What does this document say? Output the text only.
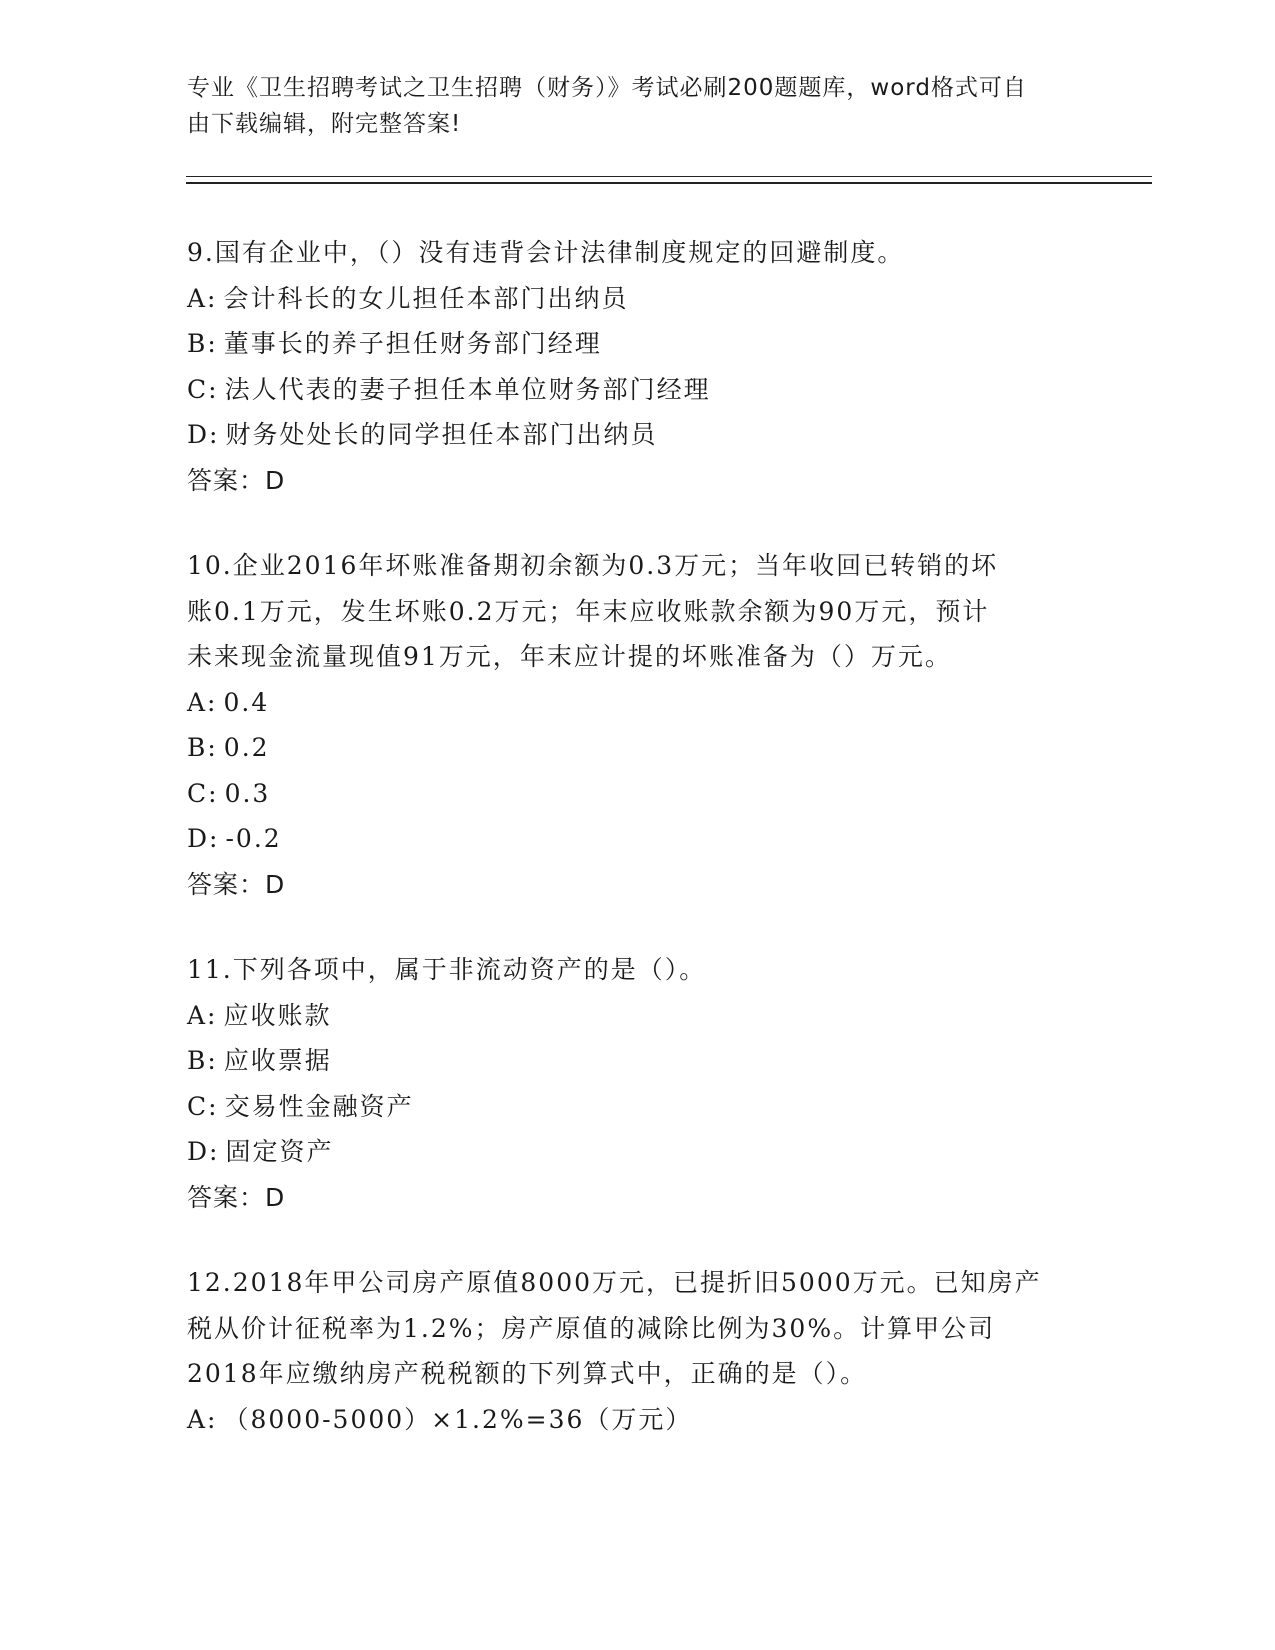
专业《卫生招聘考试之卫生招聘（财务）》考试必刷200题题库，word格式可自
由下载编辑，附完整答案!
9.国有企业中，（）没有违背会计法律制度规定的回避制度。
A: 会计科长的女儿担任本部门出纳员
B: 董事长的养子担任财务部门经理
C: 法人代表的妻子担任本单位财务部门经理
D: 财务处处长的同学担任本部门出纳员
答案：D
10.企业2016年坏账准备期初余额为0.3万元；当年收回已转销的坏
账0.1万元，发生坏账0.2万元；年末应收账款余额为90万元，预计
未来现金流量现值91万元，年末应计提的坏账准备为（）万元。
A: 0.4
B: 0.2
C: 0.3
D: -0.2
答案：D
11.下列各项中，属于非流动资产的是（）。
A: 应收账款
B: 应收票据
C: 交易性金融资产
D: 固定资产
答案：D
12.2018年甲公司房产原值8000万元，已提折旧5000万元。已知房产
税从价计征税率为1.2%；房产原值的减除比例为30%。计算甲公司
2018年应缴纳房产税税额的下列算式中，正确的是（）。
A: （8000-5000）×1.2%=36（万元）
